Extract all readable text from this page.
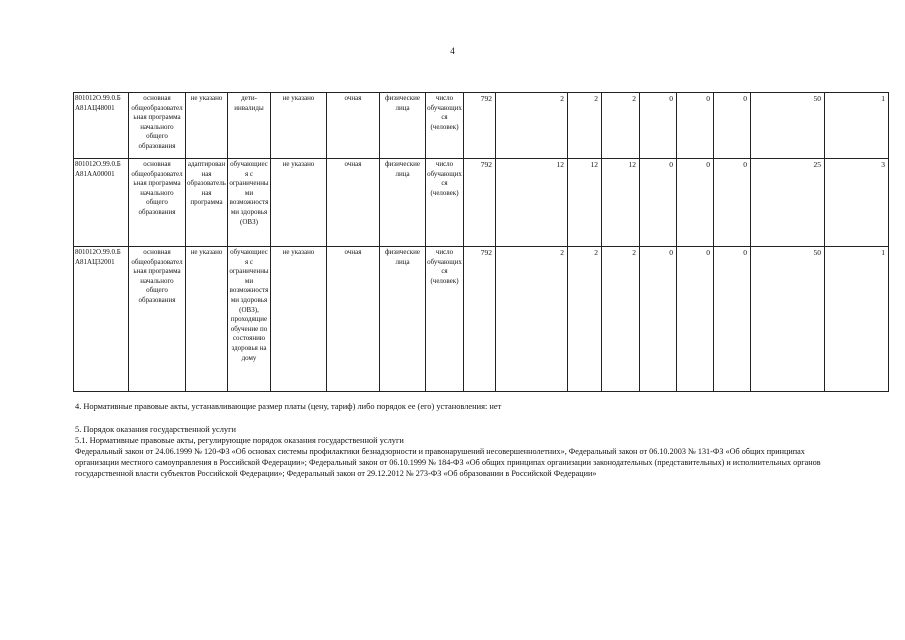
4
801012О.99.0.Б А81АЦ48001	основная общеобразовательная программа начального общего образования	не указано	дети-инвалиды	не указано	очная	физические лица	число обучающихся (человек)	792	2	2	2	0	0	0	50	1
801012О.99.0.Б А81АА00001	основная общеобразовательная программа начального общего образования	адаптированная образовательная программа	обучающиеся с ограниченными возможностями здоровья (ОВЗ)	не указано	очная	физические лица	число обучающихся (человек)	792	12	12	12	0	0	0	25	3
801012О.99.0.Б А81АЦ32001	основная общеобразовательная программа начального общего образования	не указано	обучающиеся с ограниченными возможностями здоровья (ОВЗ), проходящие обучение по состоянию здоровья на дому	не указано	очная	физические лица	число обучающихся (человек)	792	2	2	2	0	0	0	50	1
4. Нормативные правовые акты, устанавливающие размер платы (цену, тариф) либо порядок ее (его) установления: нет
5. Порядок оказания государственной услуги
5.1. Нормативные правовые акты, регулирующие порядок оказания государственной услуги
Федеральный закон от 24.06.1999 № 120-ФЗ «Об основах системы профилактики безнадзорности и правонарушений несовершеннолетних», Федеральный закон от 06.10.2003 № 131-ФЗ «Об общих принципах организации местного самоуправления в Российской Федерации»; Федеральный закон от 06.10.1999 № 184-ФЗ «Об общих принципах организации законодательных (представительных) и исполнительных органов государственной власти субъектов Российской Федерации»; Федеральный закон от 29.12.2012 № 273-ФЗ «Об образовании в Российской Федерации»
